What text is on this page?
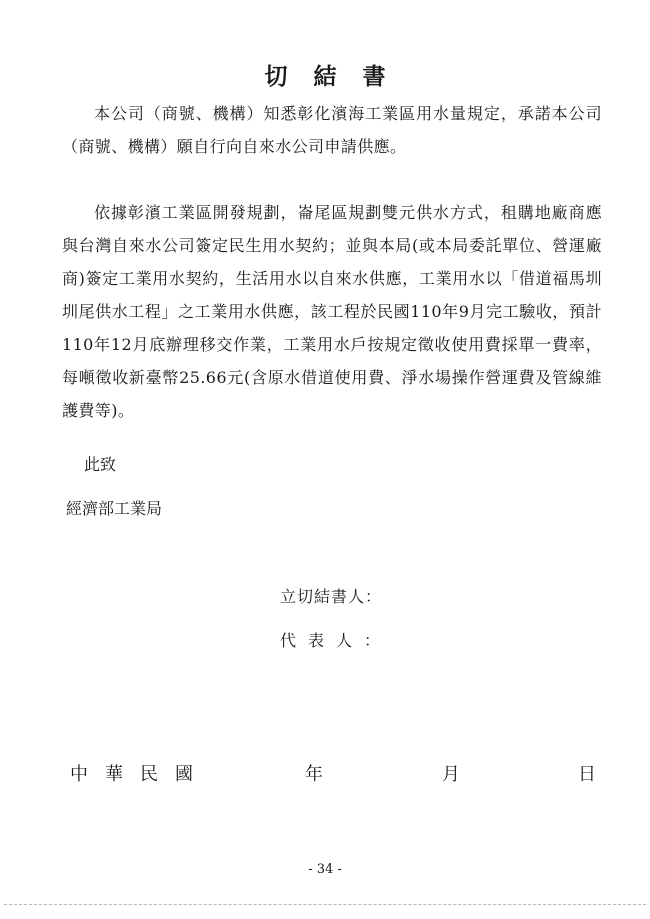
切結書

本公司（商號、機構）知悉彰化濱海工業區用水量規定，承諾本公司（商號、機構）願自行向自來水公司申請供應。

依據彰濱工業區開發規劃，崙尾區規劃雙元供水方式，租購地廠商應與台灣自來水公司簽定民生用水契約；並與本局(或本局委託單位、營運廠商)簽定工業用水契約，生活用水以自來水供應，工業用水以「借道福馬圳圳尾供水工程」之工業用水供應，該工程於民國110年9月完工驗收，預計110年12月底辦理移交作業，工業用水戶按規定徵收使用費採單一費率，每噸徵收新臺幣25.66元(含原水借道使用費、淨水場操作營運費及管線維護費等)。

此致

經濟部工業局

立切結書人：

代表人：

中華民國	年	月	日

- 34 -
